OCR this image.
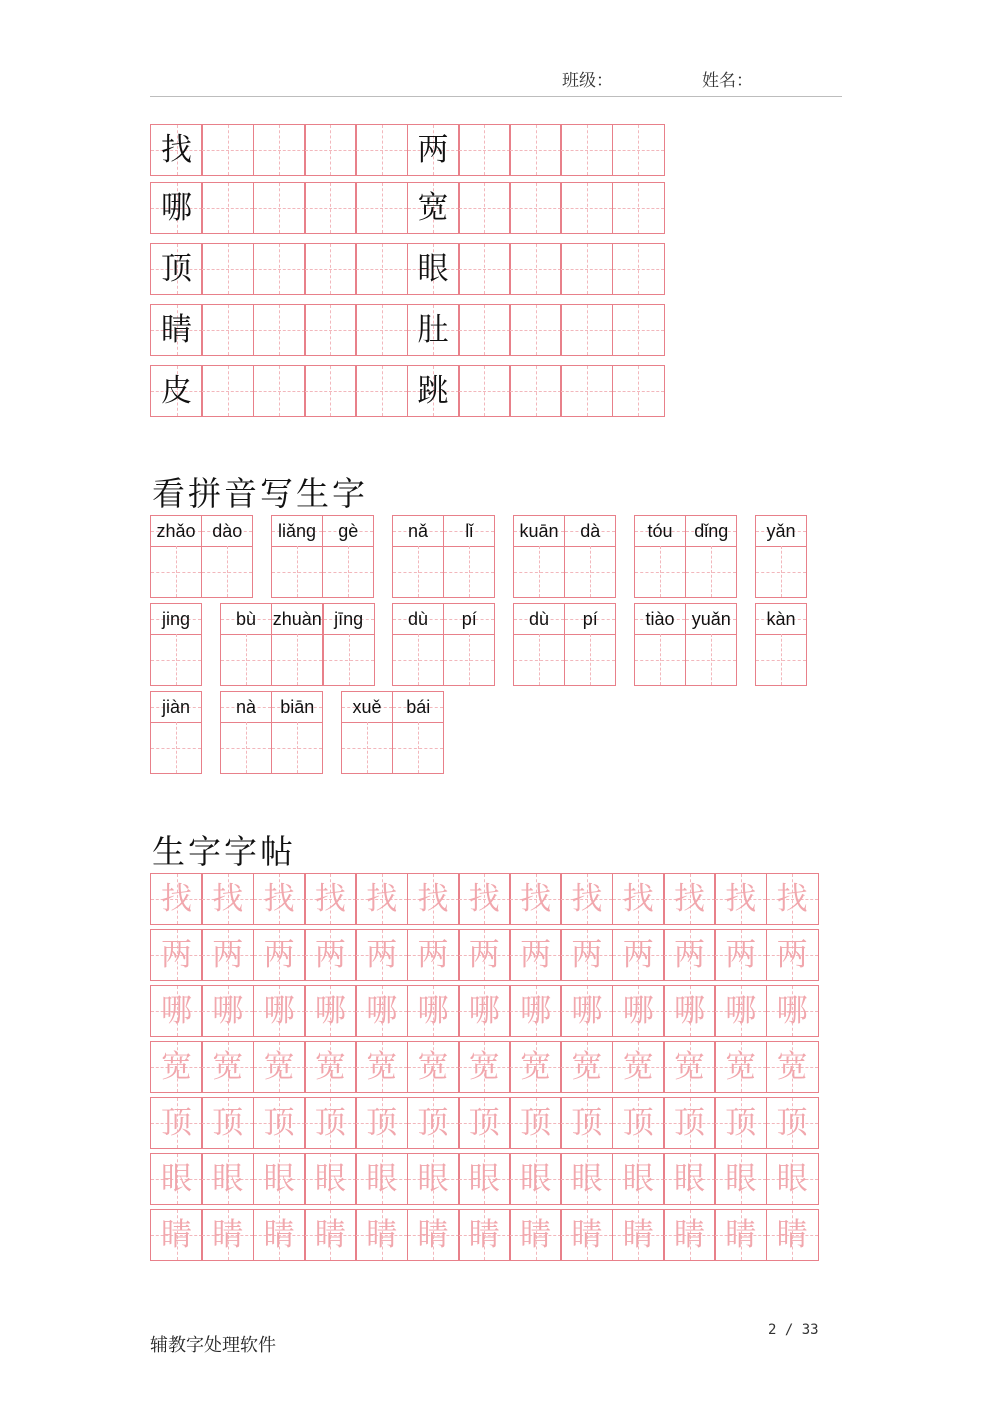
班级：	姓名：
找	两
哪	宽
顶	眼
睛	肚
皮	跳
看拼音写生字
zhǎo dào	liǎng	gè	nǎ	lǐ	kuān	dà	tóu	dǐng	yǎn
jing	bù zhuàn jīng	dù	pí	dù	pí	tiào yuǎn	kàn
jiàn	nà	biān	xuě	bái
生字字帖
找 找 找 找 找 找 找 找 找 找 找 找 找
两 两 两 两 两 两 两 两 两 两 两 两 两
哪 哪 哪 哪 哪 哪 哪 哪 哪 哪 哪 哪 哪
宽 宽 宽 宽 宽 宽 宽 宽 宽 宽 宽 宽 宽
顶 顶 顶 顶 顶 顶 顶 顶 顶 顶 顶 顶 顶
眼 眼 眼 眼 眼 眼 眼 眼 眼 眼 眼 眼 眼
睛 睛 睛 睛 睛 睛 睛 睛 睛 睛 睛 睛 睛
辅教字处理软件
2 / 33
